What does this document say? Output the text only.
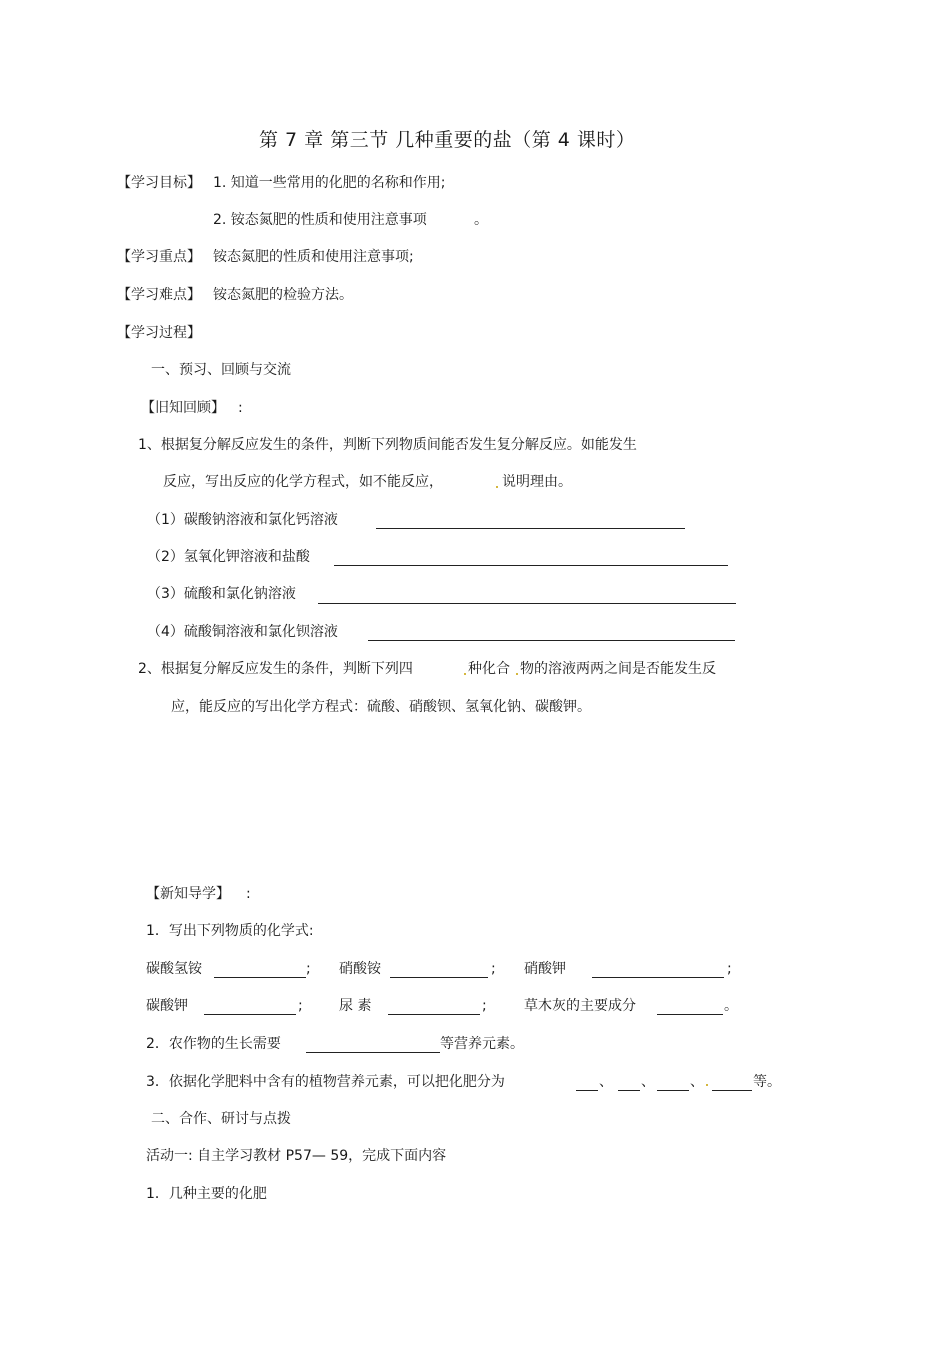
第 7 章 第三节 几种重要的盐（第 4 课时）
【学习目标】 1. 知道一些常用的化肥的名称和作用;
2. 铵态氮肥的性质和使用注意事项	。
【学习重点】 铵态氮肥的性质和使用注意事项;
【学习难点】 铵态氮肥的检验方法。
【学习过程】
一、预习、回顾与交流
【旧知回顾】 :
1、根据复分解反应发生的条件，判断下列物质间能否发生复分解反应。如能发生
反应，写出反应的化学方程式，如不能反应，	说明理由。
（1）碳酸钠溶液和氯化钙溶液
（2）氢氧化钾溶液和盐酸
（3）硫酸和氯化钠溶液
（4）硫酸铜溶液和氯化钡溶液
2、根据复分解反应发生的条件，判断下列四	种化合 物的溶液两两之间是否能发生反
应，能反应的写出化学方程式：硫酸、硝酸钡、氢氧化钠、碳酸钾。
【新知导学】 :
1．写出下列物质的化学式:
碳酸氢铵	; 硝酸铵	; 硝酸钾	;
碳酸钾	;	尿 素	;	草木灰的主要成分	。
2．农作物的生长需要	等营养元素。
3．依据化学肥料中含有的植物营养元素，可以把化肥分为	、 、	、	等。
二、合作、研讨与点拨
活动一: 自主学习教材 P57— 59，完成下面内容
1．几种主要的化肥
